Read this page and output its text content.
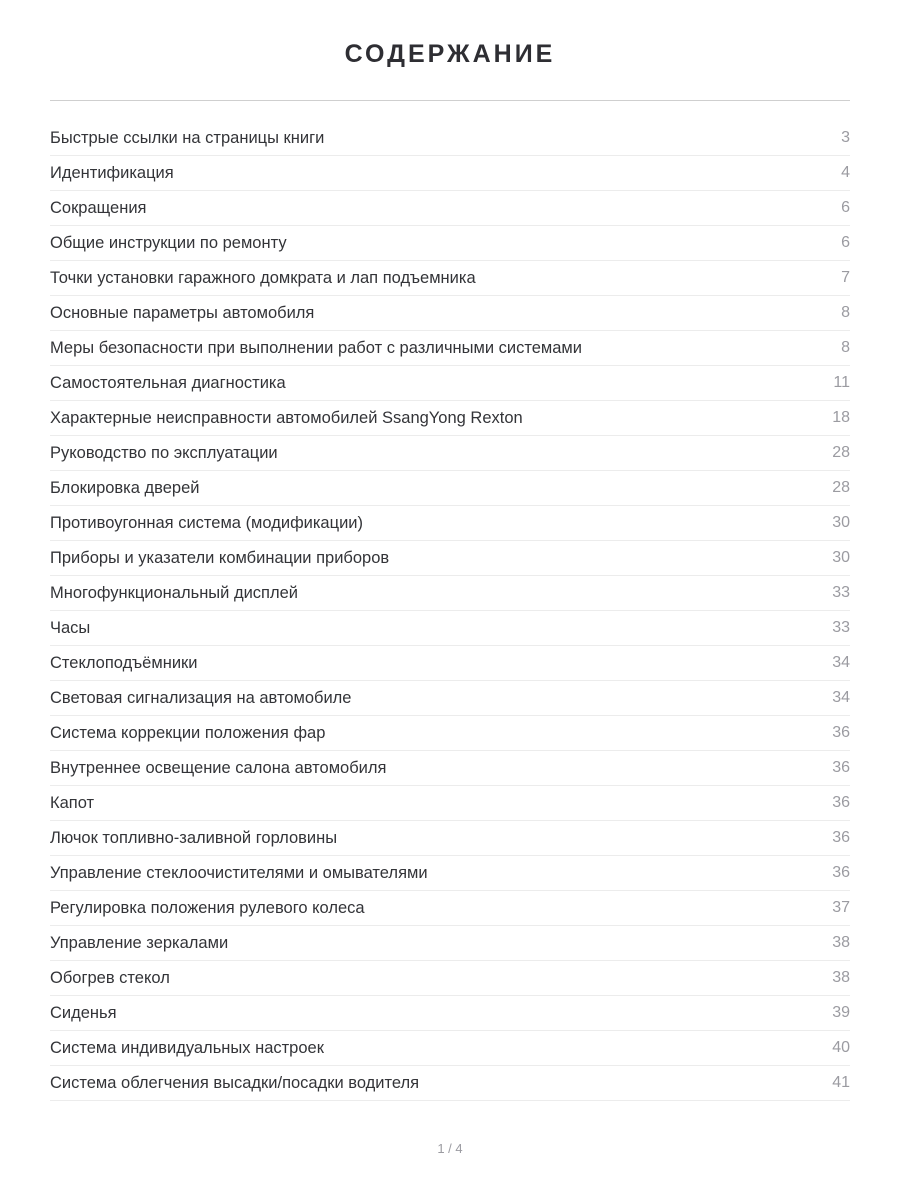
СОДЕРЖАНИЕ
Быстрые ссылки на страницы книги	3
Идентификация	4
Сокращения	6
Общие инструкции по ремонту	6
Точки установки гаражного домкрата и лап подъемника	7
Основные параметры автомобиля	8
Меры безопасности при выполнении работ с различными системами	8
Самостоятельная диагностика	11
Характерные неисправности автомобилей SsangYong Rexton	18
Руководство по эксплуатации	28
Блокировка дверей	28
Противоугонная система (модификации)	30
Приборы и указатели комбинации приборов	30
Многофункциональный дисплей	33
Часы	33
Стеклоподъёмники	34
Световая сигнализация на автомобиле	34
Система коррекции положения фар	36
Внутреннее освещение салона автомобиля	36
Капот	36
Лючок топливно-заливной горловины	36
Управление стеклоочистителями и омывателями	36
Регулировка положения рулевого колеса	37
Управление зеркалами	38
Обогрев стекол	38
Сиденья	39
Система индивидуальных настроек	40
Система облегчения высадки/посадки водителя	41
1 / 4
